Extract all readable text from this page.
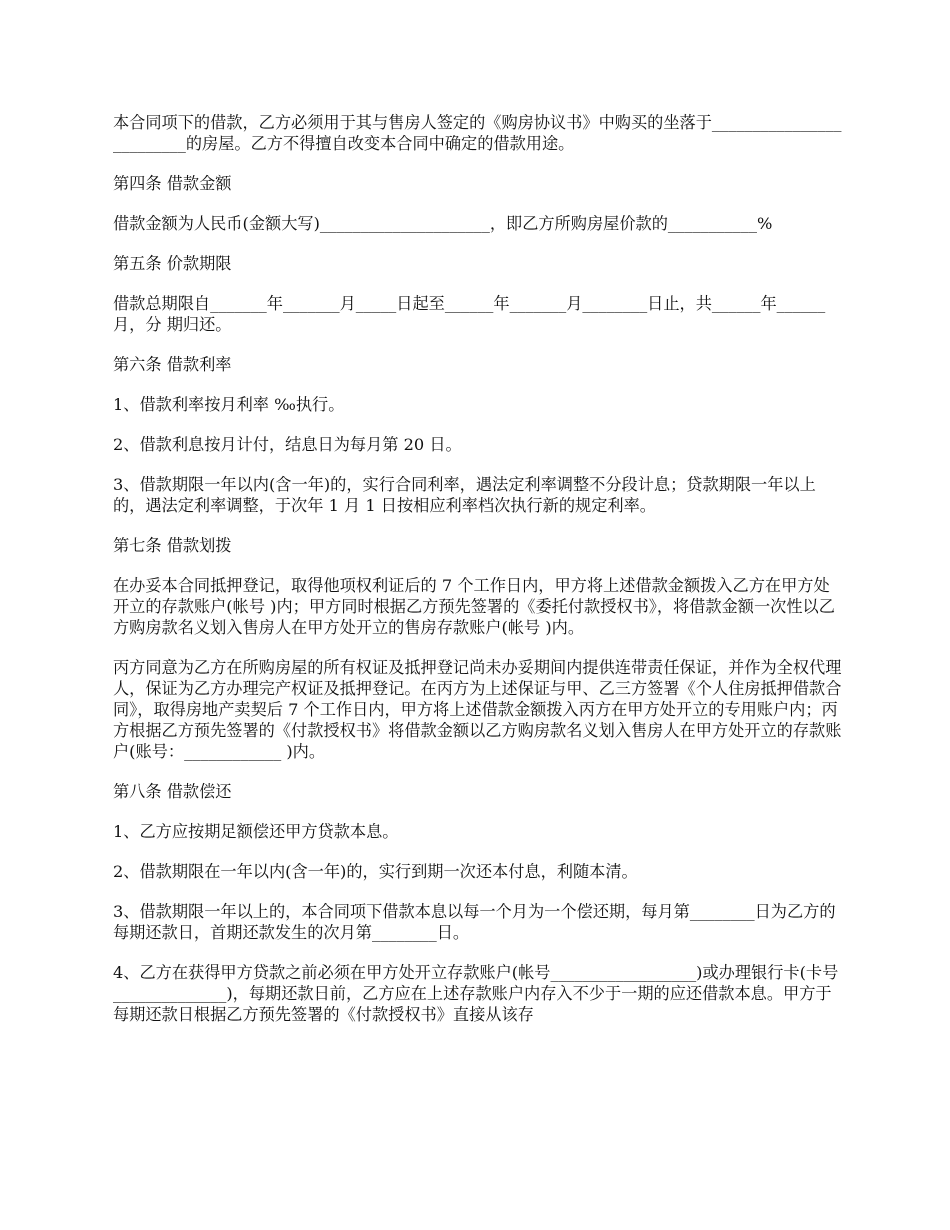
本合同项下的借款，乙方必须用于其与售房人签定的《购房协议书》中购买的坐落于_________________________的房屋。乙方不得擅自改变本合同中确定的借款用途。

第四条 借款金额

借款金额为人民币(金额大写)_____________________，即乙方所购房屋价款的___________%

第五条 价款期限

借款总期限自_______年_______月_____日起至______年_______月________日止，共______年______月，分 期归还。

第六条 借款利率

1、借款利率按月利率 ‰执行。

2、借款利息按月计付，结息日为每月第 20 日。

3、借款期限一年以内(含一年)的，实行合同利率，遇法定利率调整不分段计息；贷款期限一年以上的，遇法定利率调整，于次年 1 月 1 日按相应利率档次执行新的规定利率。

第七条 借款划拨

在办妥本合同抵押登记，取得他项权利证后的 7 个工作日内，甲方将上述借款金额拨入乙方在甲方处开立的存款账户(帐号 )内；甲方同时根据乙方预先签署的《委托付款授权书》，将借款金额一次性以乙方购房款名义划入售房人在甲方处开立的售房存款账户(帐号 )内。

丙方同意为乙方在所购房屋的所有权证及抵押登记尚未办妥期间内提供连带责任保证，并作为全权代理人，保证为乙方办理完产权证及抵押登记。在丙方为上述保证与甲、乙三方签署《个人住房抵押借款合同》，取得房地产卖契后 7 个工作日内，甲方将上述借款金额拨入丙方在甲方处开立的专用账户内；丙方根据乙方预先签署的《付款授权书》将借款金额以乙方购房款名义划入售房人在甲方处开立的存款账户(账号：____________ )内。

第八条 借款偿还

1、乙方应按期足额偿还甲方贷款本息。

2、借款期限在一年以内(含一年)的，实行到期一次还本付息，利随本清。

3、借款期限一年以上的，本合同项下借款本息以每一个月为一个偿还期，每月第________日为乙方的每期还款日，首期还款发生的次月第________日。

4、乙方在获得甲方贷款之前必须在甲方处开立存款账户(帐号__________________)或办理银行卡(卡号 ______________)，每期还款日前，乙方应在上述存款账户内存入不少于一期的应还借款本息。甲方于每期还款日根据乙方预先签署的《付款授权书》直接从该存
